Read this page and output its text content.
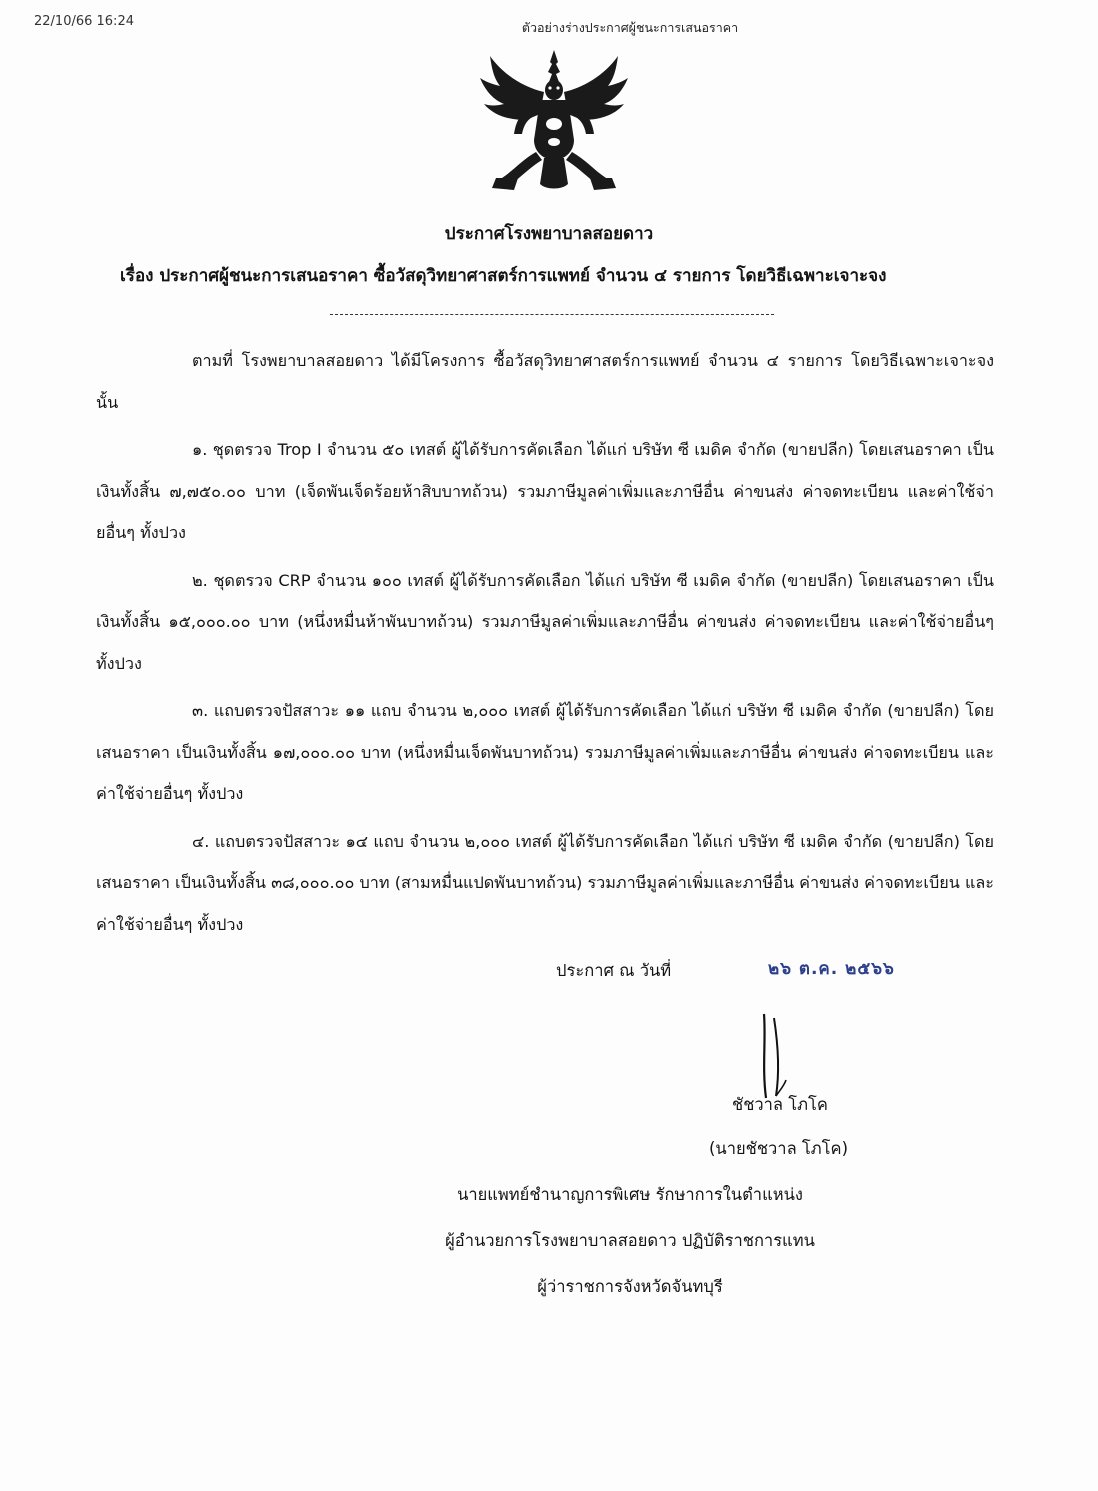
22/10/66 16:24	ตัวอย่างร่างประกาศผู้ชนะการเสนอราคา
ประกาศโรงพยาบาลสอยดาว
เรื่อง ประกาศผู้ชนะการเสนอราคา ซื้อวัสดุวิทยาศาสตร์การแพทย์ จำนวน ๔ รายการ โดยวิธีเฉพาะเจาะจง

ตามที่ โรงพยาบาลสอยดาว ได้มีโครงการ ซื้อวัสดุวิทยาศาสตร์การแพทย์ จำนวน ๔ รายการ โดยวิธีเฉพาะเจาะจง นั้น

๑. ชุดตรวจ Trop I จำนวน ๕๐ เทสต์ ผู้ได้รับการคัดเลือก ได้แก่ บริษัท ซี เมดิค จำกัด (ขายปลีก) โดยเสนอราคา เป็นเงินทั้งสิ้น ๗,๗๕๐.๐๐ บาท (เจ็ดพันเจ็ดร้อยห้าสิบบาทถ้วน) รวมภาษีมูลค่าเพิ่มและภาษีอื่น ค่าขนส่ง ค่าจดทะเบียน และค่าใช้จ่ายอื่นๆ ทั้งปวง

๒. ชุดตรวจ CRP จำนวน ๑๐๐ เทสต์ ผู้ได้รับการคัดเลือก ได้แก่ บริษัท ซี เมดิค จำกัด (ขายปลีก) โดยเสนอราคา เป็นเงินทั้งสิ้น ๑๕,๐๐๐.๐๐ บาท (หนึ่งหมื่นห้าพันบาทถ้วน) รวมภาษีมูลค่าเพิ่มและภาษีอื่น ค่าขนส่ง ค่าจดทะเบียน และค่าใช้จ่ายอื่นๆ ทั้งปวง

๓. แถบตรวจปัสสาวะ ๑๑ แถบ จำนวน ๒,๐๐๐ เทสต์ ผู้ได้รับการคัดเลือก ได้แก่ บริษัท ซี เมดิค จำกัด (ขายปลีก) โดยเสนอราคา เป็นเงินทั้งสิ้น ๑๗,๐๐๐.๐๐ บาท (หนึ่งหมื่นเจ็ดพันบาทถ้วน) รวมภาษีมูลค่าเพิ่มและภาษีอื่น ค่าขนส่ง ค่าจดทะเบียน และค่าใช้จ่ายอื่นๆ ทั้งปวง

๔. แถบตรวจปัสสาวะ ๑๔ แถบ จำนวน ๒,๐๐๐ เทสต์ ผู้ได้รับการคัดเลือก ได้แก่ บริษัท ซี เมดิค จำกัด (ขายปลีก) โดยเสนอราคา เป็นเงินทั้งสิ้น ๓๘,๐๐๐.๐๐ บาท (สามหมื่นแปดพันบาทถ้วน) รวมภาษีมูลค่าเพิ่มและภาษีอื่น ค่าขนส่ง ค่าจดทะเบียน และค่าใช้จ่ายอื่นๆ ทั้งปวง

ประกาศ ณ วันที่	๒๖ ต.ค. ๒๕๖๖
ชัชวาล โภโค
(นายชัชวาล โภโค)
นายแพทย์ชำนาญการพิเศษ รักษาการในตำแหน่ง
ผู้อำนวยการโรงพยาบาลสอยดาว ปฏิบัติราชการแทน
ผู้ว่าราชการจังหวัดจันทบุรี
